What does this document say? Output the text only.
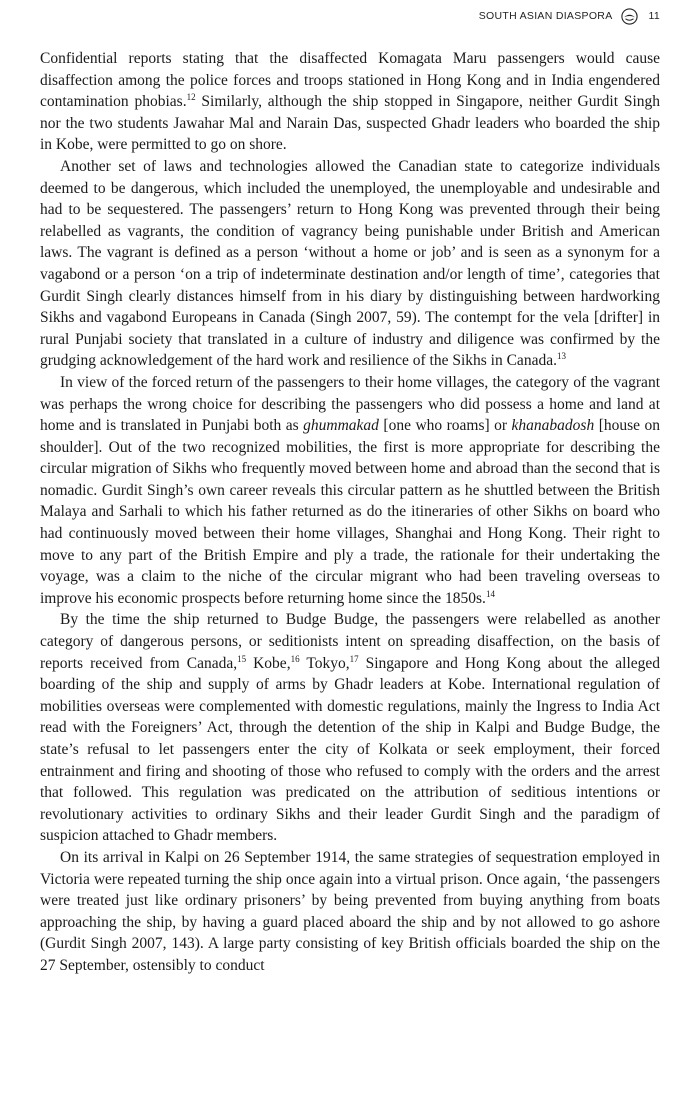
SOUTH ASIAN DIASPORA	11

Confidential reports stating that the disaffected Komagata Maru passengers would cause disaffection among the police forces and troops stationed in Hong Kong and in India engendered contamination phobias.$^{12}$ Similarly, although the ship stopped in Singapore, neither Gurdit Singh nor the two students Jawahar Mal and Narain Das, suspected Ghadr leaders who boarded the ship in Kobe, were permitted to go on shore.

Another set of laws and technologies allowed the Canadian state to categorize individuals deemed to be dangerous, which included the unemployed, the unemployable and undesirable and had to be sequestered. The passengers’ return to Hong Kong was prevented through their being relabelled as vagrants, the condition of vagrancy being punishable under British and American laws. The vagrant is defined as a person ‘without a home or job’ and is seen as a synonym for a vagabond or a person ‘on a trip of indeterminate destination and/or length of time’, categories that Gurdit Singh clearly distances himself from in his diary by distinguishing between hardworking Sikhs and vagabond Europeans in Canada (Singh 2007, 59). The contempt for the vela [drifter] in rural Punjabi society that translated in a culture of industry and diligence was confirmed by the grudging acknowledgement of the hard work and resilience of the Sikhs in Canada.$^{13}$

In view of the forced return of the passengers to their home villages, the category of the vagrant was perhaps the wrong choice for describing the passengers who did possess a home and land at home and is translated in Punjabi both as ghummakad [one who roams] or khanabadosh [house on shoulder]. Out of the two recognized mobilities, the first is more appropriate for describing the circular migration of Sikhs who frequently moved between home and abroad than the second that is nomadic. Gurdit Singh’s own career reveals this circular pattern as he shuttled between the British Malaya and Sarhali to which his father returned as do the itineraries of other Sikhs on board who had continuously moved between their home villages, Shanghai and Hong Kong. Their right to move to any part of the British Empire and ply a trade, the rationale for their undertaking the voyage, was a claim to the niche of the circular migrant who had been traveling overseas to improve his economic prospects before returning home since the 1850s.$^{14}$

By the time the ship returned to Budge Budge, the passengers were relabelled as another category of dangerous persons, or seditionists intent on spreading disaffection, on the basis of reports received from Canada,$^{15}$ Kobe,$^{16}$ Tokyo,$^{17}$ Singapore and Hong Kong about the alleged boarding of the ship and supply of arms by Ghadr leaders at Kobe. International regulation of mobilities overseas were complemented with domestic regulations, mainly the Ingress to India Act read with the Foreigners’ Act, through the detention of the ship in Kalpi and Budge Budge, the state’s refusal to let passengers enter the city of Kolkata or seek employment, their forced entrainment and firing and shooting of those who refused to comply with the orders and the arrest that followed. This regulation was predicated on the attribution of seditious intentions or revolutionary activities to ordinary Sikhs and their leader Gurdit Singh and the paradigm of suspicion attached to Ghadr members.

On its arrival in Kalpi on 26 September 1914, the same strategies of sequestration employed in Victoria were repeated turning the ship once again into a virtual prison. Once again, ‘the passengers were treated just like ordinary prisoners’ by being prevented from buying anything from boats approaching the ship, by having a guard placed aboard the ship and by not allowed to go ashore (Gurdit Singh 2007, 143). A large party consisting of key British officials boarded the ship on the 27 September, ostensibly to conduct
